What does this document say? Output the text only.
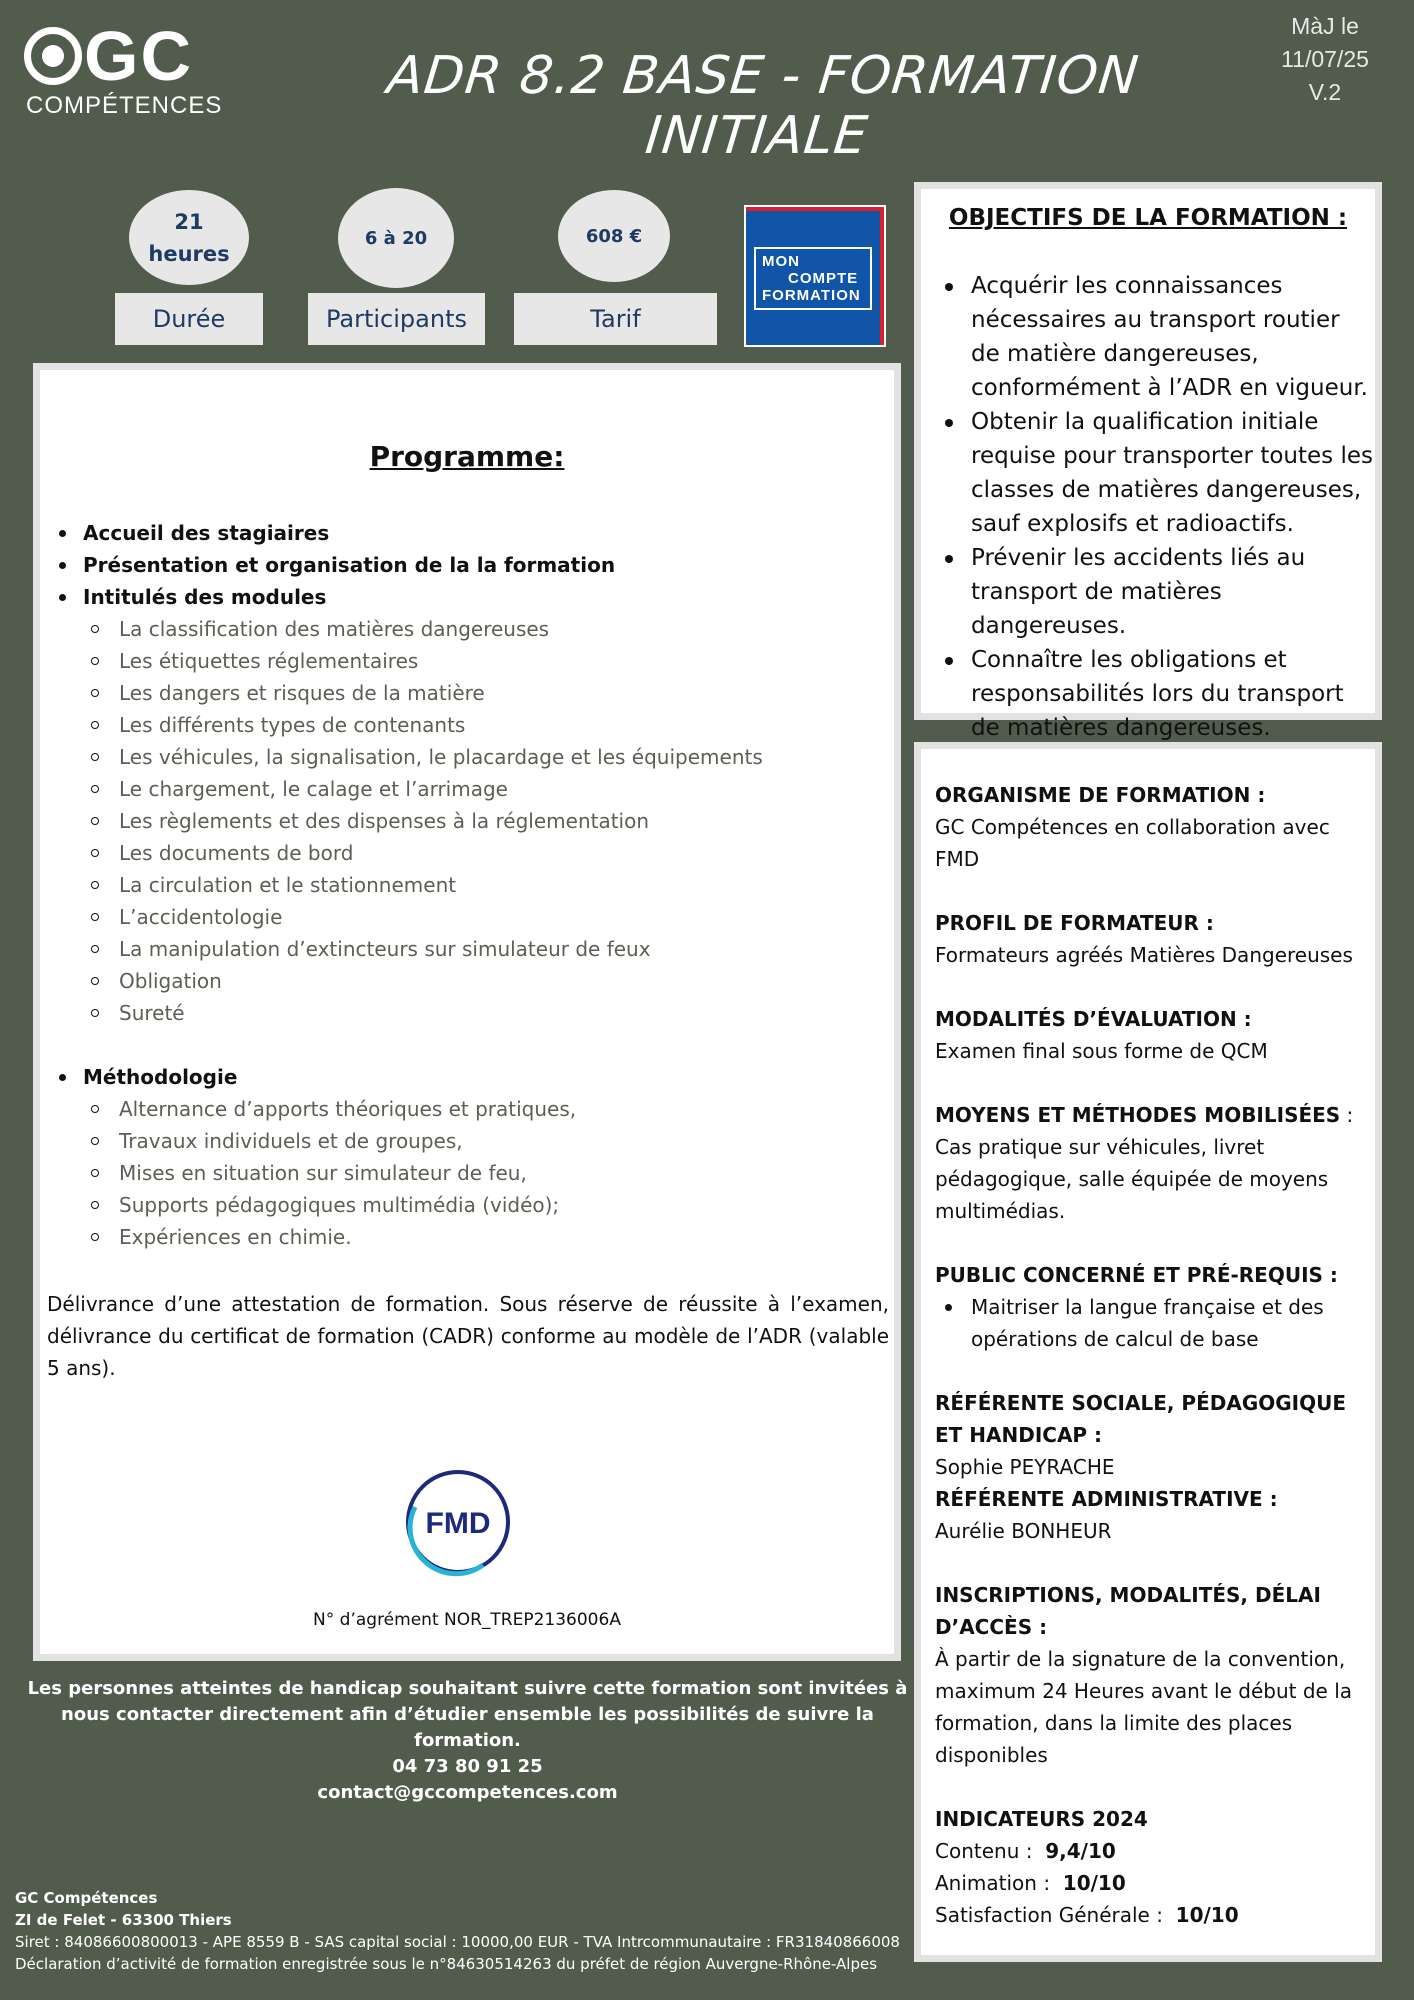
GC
COMPÉTENCES	ADR 8.2 BASE - FORMATION INITIALE
MàJ le
11/07/25
V.2
21
heures
6 à 20	608 €
Durée	Participants	Tarif
MON
COMPTE
FORMATION
Programme:
Accueil des stagiaires
Présentation et organisation de la la formation
Intitulés des modules
La classification des matières dangereuses
Les étiquettes réglementaires
Les dangers et risques de la matière
Les différents types de contenants
Les véhicules, la signalisation, le placardage et les équipements
Le chargement, le calage et l’arrimage
Les règlements et des dispenses à la réglementation
Les documents de bord
La circulation et le stationnement
L’accidentologie
La manipulation d’extincteurs sur simulateur de feux
Obligation
Sureté
Méthodologie
Alternance d’apports théoriques et pratiques,
Travaux individuels et de groupes,
Mises en situation sur simulateur de feu,
Supports pédagogiques multimédia (vidéo);
Expériences en chimie.
Délivrance d’une attestation de formation. Sous réserve de réussite à l’examen, délivrance du certificat de formation (CADR) conforme au modèle de l’ADR (valable 5 ans).
FMD
N° d’agrément NOR_TREP2136006A
Les personnes atteintes de handicap souhaitant suivre cette formation sont invitées à nous contacter directement afin d’étudier ensemble les possibilités de suivre la formation.
04 73 80 91 25
contact@gccompetences.com
GC Compétences
ZI de Felet - 63300 Thiers
Siret : 84086600800013 - APE 8559 B - SAS capital social : 10000,00 EUR - TVA Intrcommunautaire : FR31840866008
Déclaration d’activité de formation enregistrée sous le n°84630514263 du préfet de région Auvergne-Rhône-Alpes
OBJECTIFS DE LA FORMATION :
Acquérir les connaissances nécessaires au transport routier de matière dangereuses, conformément à l’ADR en vigueur.
Obtenir la qualification initiale requise pour transporter toutes les classes de matières dangereuses, sauf explosifs et radioactifs.
Prévenir les accidents liés au transport de matières dangereuses.
Connaître les obligations et responsabilités lors du transport de matières dangereuses.
ORGANISME DE FORMATION :
GC Compétences en collaboration avec FMD
PROFIL DE FORMATEUR :
Formateurs agréés Matières Dangereuses
MODALITÉS D’ÉVALUATION :
Examen final sous forme de QCM
MOYENS ET MÉTHODES MOBILISÉES :
Cas pratique sur véhicules, livret pédagogique, salle équipée de moyens multimédias.
PUBLIC CONCERNÉ ET PRÉ-REQUIS :
Maitriser la langue française et des opérations de calcul de base
RÉFÉRENTE SOCIALE, PÉDAGOGIQUE ET HANDICAP :
Sophie PEYRACHE
RÉFÉRENTE ADMINISTRATIVE :
Aurélie BONHEUR
INSCRIPTIONS, MODALITÉS, DÉLAI D’ACCÈS :
À partir de la signature de la convention, maximum 24 Heures avant le début de la formation, dans la limite des places disponibles
INDICATEURS 2024
Contenu : 9,4/10
Animation : 10/10
Satisfaction Générale : 10/10
